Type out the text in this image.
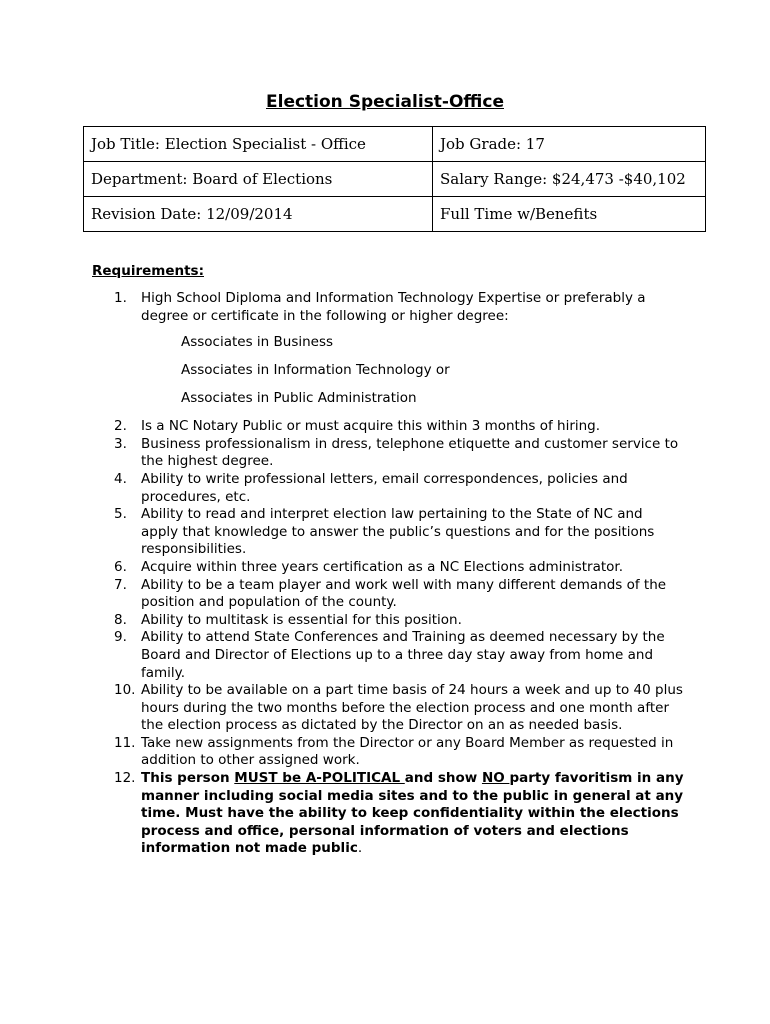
Election Specialist-Office
Job Title: Election Specialist - Office	Job Grade: 17
Department: Board of Elections	Salary Range: $24,473 -$40,102
Revision Date: 12/09/2014	Full Time w/Benefits
Requirements:
1.	High School Diploma and Information Technology Expertise or preferably a degree or certificate in the following or higher degree:
Associates in Business
Associates in Information Technology or
Associates in Public Administration
2.	Is a NC Notary Public or must acquire this within 3 months of hiring.
3.	Business professionalism in dress, telephone etiquette and customer service to the highest degree.
4.	Ability to write professional letters, email correspondences, policies and procedures, etc.
5.	Ability to read and interpret election law pertaining to the State of NC and apply that knowledge to answer the public’s questions and for the positions responsibilities.
6.	Acquire within three years certification as a NC Elections administrator.
7.	Ability to be a team player and work well with many different demands of the position and population of the county.
8.	Ability to multitask is essential for this position.
9.	Ability to attend State Conferences and Training as deemed necessary by the Board and Director of Elections up to a three day stay away from home and family.
10. Ability to be available on a part time basis of 24 hours a week and up to 40 plus hours during the two months before the election process and one month after the election process as dictated by the Director on an as needed basis.
11. Take new assignments from the Director or any Board Member as requested in addition to other assigned work.
12. This person MUST be A-POLITICAL and show NO party favoritism in any manner including social media sites and to the public in general at any time. Must have the ability to keep confidentiality within the elections process and office, personal information of voters and elections information not made public.
